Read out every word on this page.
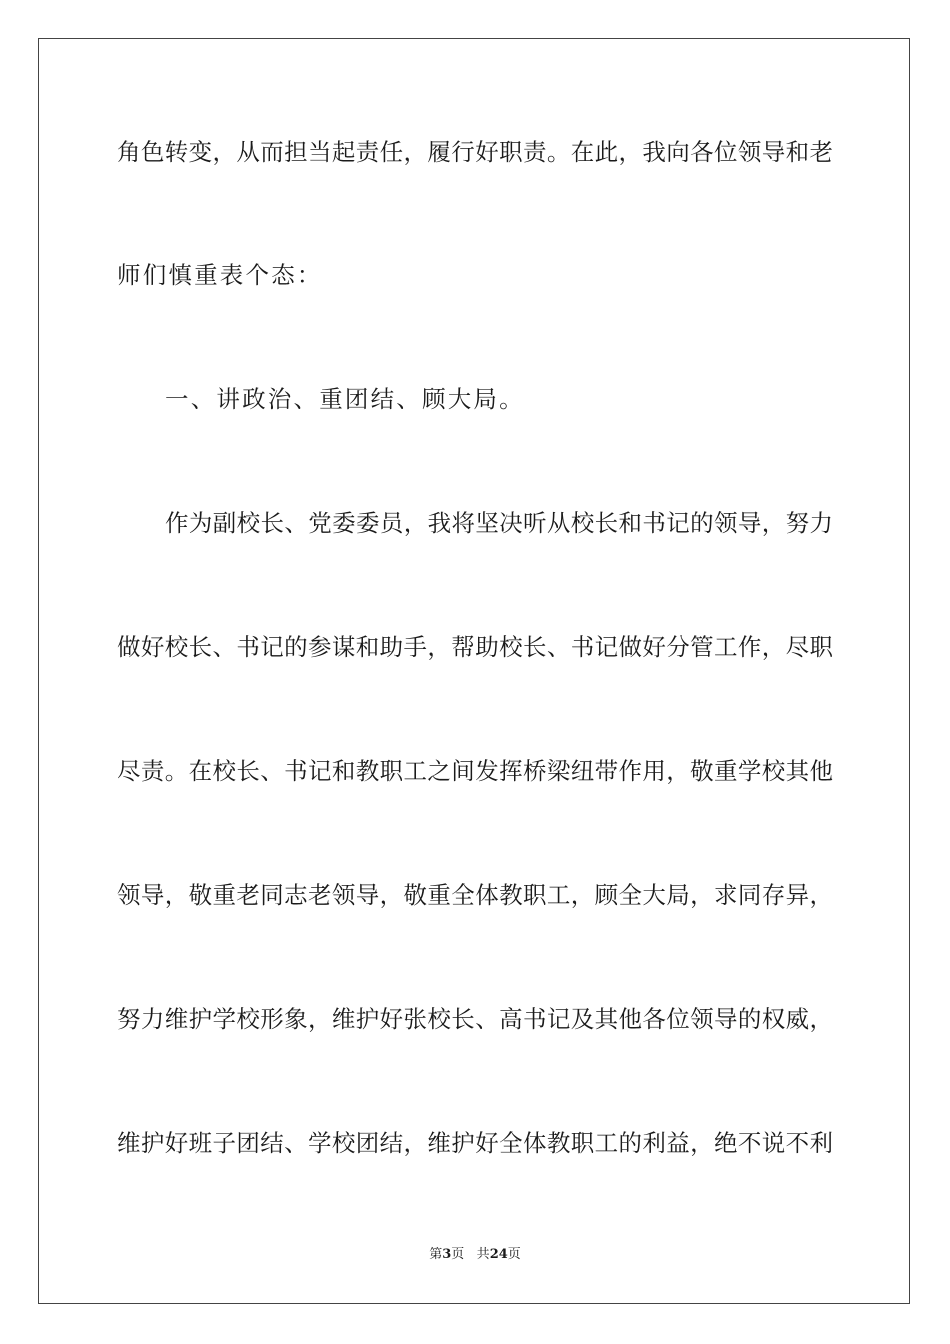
角色转变，从而担当起责任，履行好职责。在此，我向各位领导和老
师们慎重表个态：
一、讲政治、重团结、顾大局。
作为副校长、党委委员，我将坚决听从校长和书记的领导，努力
做好校长、书记的参谋和助手，帮助校长、书记做好分管工作，尽职
尽责。在校长、书记和教职工之间发挥桥梁纽带作用，敬重学校其他
领导，敬重老同志老领导，敬重全体教职工，顾全大局，求同存异，
努力维护学校形象，维护好张校长、高书记及其他各位领导的权威，
维护好班子团结、学校团结，维护好全体教职工的利益，绝不说不利
第3页 共24页
